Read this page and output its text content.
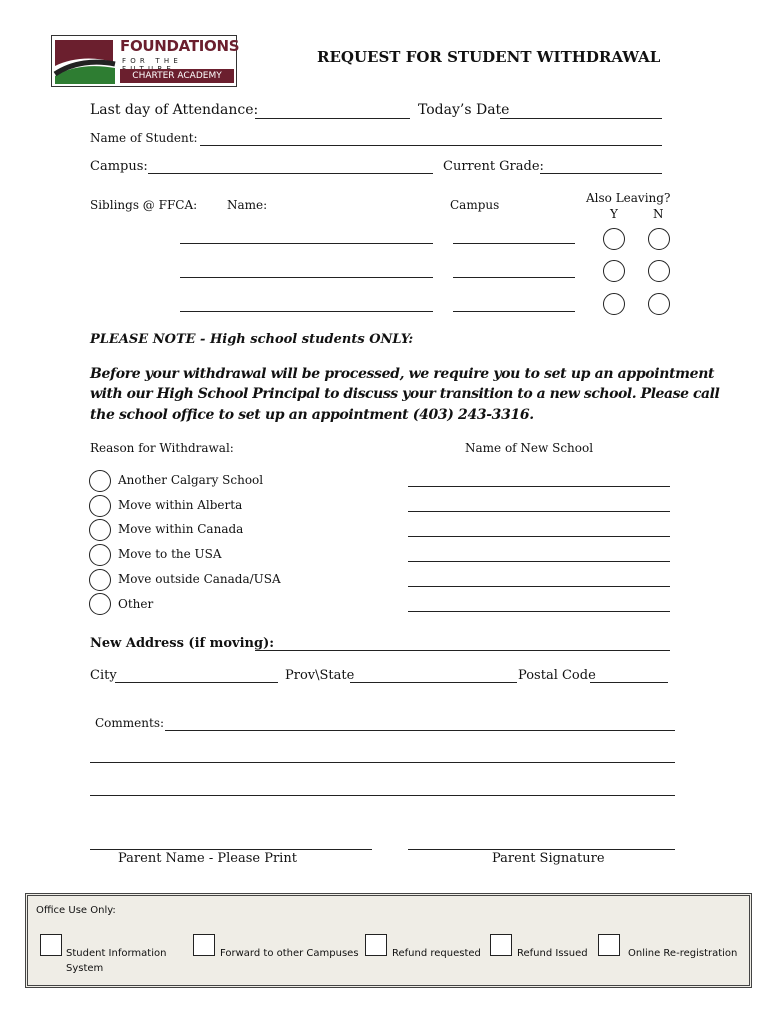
FOUNDATIONS
FOR THE
CHARTER ACADEMY
REQUEST FOR STUDENT WITHDRAWAL
Last day of Attendance:	Today’s Date
Name of Student:
Campus:	Current Grade:
Siblings @ FFCA: Name:	Campus	Also Leaving?
Y	N
PLEASE NOTE - High school students ONLY:
Before your withdrawal will be processed, we require you to set up an appointment
with our High School Principal to discuss your transition to a new school. Please call
the school office to set up an appointment (403) 243-3316.
Reason for Withdrawal:	Name of New School
Another Calgary School
Move within Alberta
Move within Canada
Move to the USA
Move outside Canada/USA
Other
New Address (if moving):
City	Prov\State	Postal Code
Comments:
Parent Name - Please Print	Parent Signature
Office Use Only:
Student Information
System
Forward to other Campuses	Refund requested	Refund Issued	Online Re-registration
